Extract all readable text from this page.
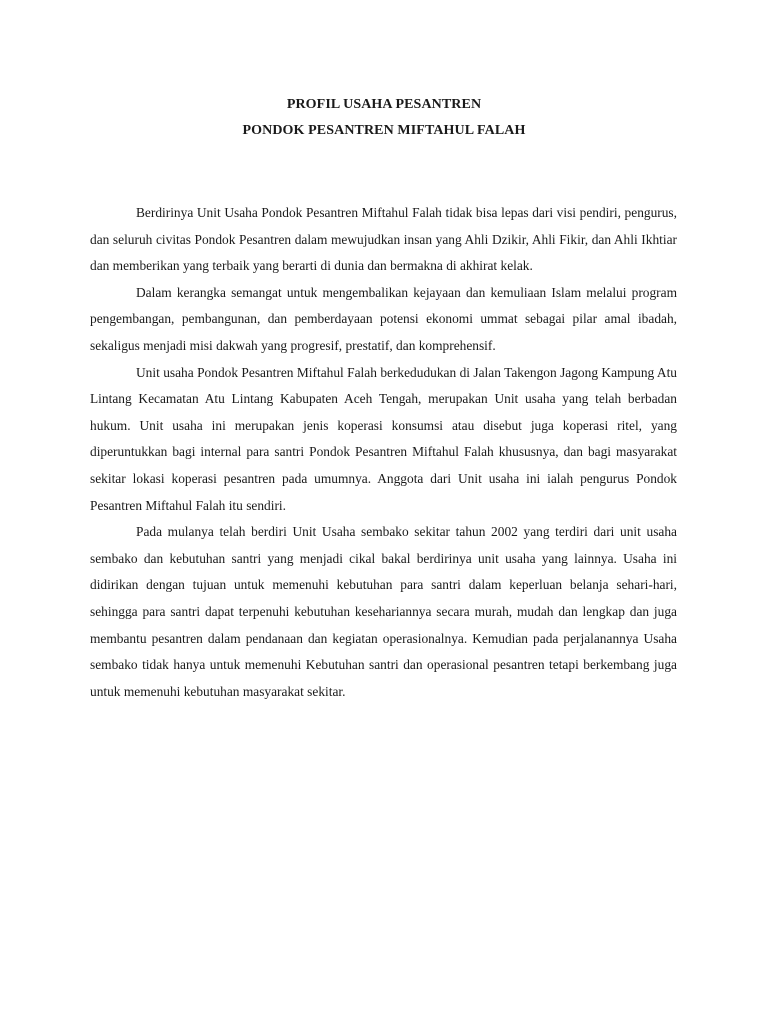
PROFIL USAHA PESANTREN
PONDOK PESANTREN MIFTAHUL FALAH

Berdirinya Unit Usaha Pondok Pesantren Miftahul Falah tidak bisa lepas dari visi pendiri, pengurus, dan seluruh civitas Pondok Pesantren dalam mewujudkan insan yang Ahli Dzikir, Ahli Fikir, dan Ahli Ikhtiar dan memberikan yang terbaik yang berarti di dunia dan bermakna di akhirat kelak.

Dalam kerangka semangat untuk mengembalikan kejayaan dan kemuliaan Islam melalui program pengembangan, pembangunan, dan pemberdayaan potensi ekonomi ummat sebagai pilar amal ibadah, sekaligus menjadi misi dakwah yang progresif, prestatif, dan komprehensif.

Unit usaha Pondok Pesantren Miftahul Falah berkedudukan di Jalan Takengon Jagong Kampung Atu Lintang Kecamatan Atu Lintang Kabupaten Aceh Tengah, merupakan Unit usaha yang telah berbadan hukum. Unit usaha ini merupakan jenis koperasi konsumsi atau disebut juga koperasi ritel, yang diperuntukkan bagi internal para santri Pondok Pesantren Miftahul Falah khususnya, dan bagi masyarakat sekitar lokasi koperasi pesantren pada umumnya. Anggota dari Unit usaha ini ialah pengurus Pondok Pesantren Miftahul Falah itu sendiri.

Pada mulanya telah berdiri Unit Usaha sembako sekitar tahun 2002 yang terdiri dari unit usaha sembako dan kebutuhan santri yang menjadi cikal bakal berdirinya unit usaha yang lainnya. Usaha ini didirikan dengan tujuan untuk memenuhi kebutuhan para santri dalam keperluan belanja sehari-hari, sehingga para santri dapat terpenuhi kebutuhan kesehariannya secara murah, mudah dan lengkap dan juga membantu pesantren dalam pendanaan dan kegiatan operasionalnya. Kemudian pada perjalanannya Usaha sembako tidak hanya untuk memenuhi Kebutuhan santri dan operasional pesantren tetapi berkembang juga untuk memenuhi kebutuhan masyarakat sekitar.
